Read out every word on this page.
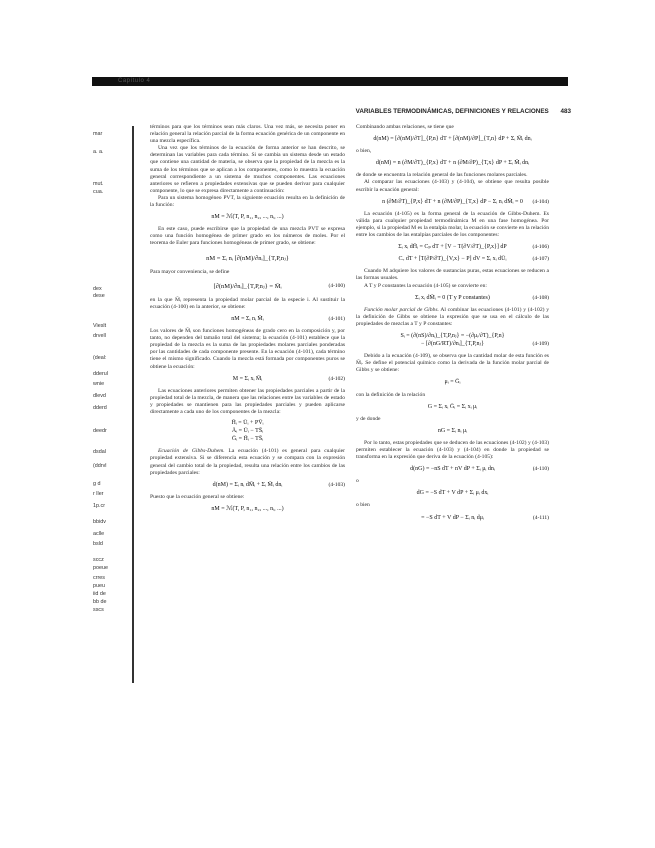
Capítulo 4
VARIABLES TERMODINÁMICAS, DEFINICIONES Y RELACIONES 483
mar
a. a.
mut.
cua.
dex
dese
Vieslt
drvell
(deal:
dderul
wnie
dlevd
dderd
deedr
dsdal
(ddrvl
g d
r ller
1p.cr
bbidv
aclle
bsld
sccz
poeue
crres
pueu
iid de
bb de
sscs

términos para que los términos sean más claros. Una vez más, se necesita poner en relación general la relación parcial de la forma ecuación genérica de un componente en una mezcla específica.

Una vez que los términos de la ecuación de forma anterior se han descrito, se determinan las variables para cada término. Si se cambia un sistema desde un estado que contiene una cantidad de materia, se observa que la propiedad de la mezcla es la suma de los términos que se aplican a los componentes, como lo muestra la ecuación general correspondiente a un sistema de muchos componentes. Las ecuaciones anteriores se refieren a propiedades extensivas que se pueden derivar para cualquier componente, lo que se expresa directamente a continuación:

Para un sistema homogéneo PVT, la siguiente ecuación resulta en la definición de la función:

nM = ℳ(T, P, n₁, n₂, ..., nᵢ, ...)

En este caso, puede escribirse que la propiedad de una mezcla PVT se expresa como una función homogénea de primer grado en los números de moles. Por el teorema de Euler para funciones homogéneas de primer grado, se obtiene:

nM = Σᵢ nᵢ [∂(nM)/∂nᵢ]_{T,P,nⱼ}

Para mayor conveniencia, se define

[∂(nM)/∂nᵢ]_{T,P,nⱼ} = M̄ᵢ	(4-100)

en la que M̄ᵢ representa la propiedad molar parcial de la especie i. Al sustituir la ecuación (4-100) en la anterior, se obtiene:

nM = Σᵢ nᵢ M̄ᵢ	(4-101)

Los valores de M̄ᵢ son funciones homogéneas de grado cero en la composición y, por tanto, no dependen del tamaño total del sistema; la ecuación (4-101) establece que la propiedad de la mezcla es la suma de las propiedades molares parciales ponderadas por las cantidades de cada componente presente. En la ecuación (4-101), cada término tiene el mismo significado. Cuando la mezcla está formada por componentes puros se obtiene la ecuación:

M = Σᵢ xᵢ M̄ᵢ	(4-102)

Las ecuaciones anteriores permiten obtener las propiedades parciales a partir de la propiedad total de la mezcla, de manera que las relaciones entre las variables de estado y propiedades se mantienen para las propiedades parciales y pueden aplicarse directamente a cada uno de los componentes de la mezcla:

H̄ᵢ = Ūᵢ + PV̄ᵢ
Āᵢ = Ūᵢ − TS̄ᵢ
Ḡᵢ = H̄ᵢ − TS̄ᵢ

Ecuación de Gibbs-Duhem. La ecuación (4-101) es general para cualquier propiedad extensiva. Si se diferencia esta ecuación y se compara con la expresión general del cambio total de la propiedad, resulta una relación entre los cambios de las propiedades parciales:

d(nM) = Σᵢ nᵢ dM̄ᵢ + Σᵢ M̄ᵢ dnᵢ	(4-103)

Puesto que la ecuación general se obtiene:

nM = ℳ(T, P, n₁, n₂, ..., nᵢ, ...)

Combinando ambas relaciones, se tiene que

d(nM) = [∂(nM)/∂T]_{P,n} dT + [∂(nM)/∂P]_{T,n} dP + Σᵢ M̄ᵢ dnᵢ

o bien,

d(nM) = n (∂M/∂T)_{P,x} dT + n (∂M/∂P)_{T,x} dP + Σᵢ M̄ᵢ dnᵢ

de donde se encuentra la relación general de las funciones molares parciales.

Al comparar las ecuaciones (4-103) y (4-104), se obtiene que resulta posible escribir la ecuación general:

n (∂M/∂T)_{P,x} dT + n (∂M/∂P)_{T,x} dP − Σᵢ nᵢ dM̄ᵢ = 0 (4-104)

La ecuación (4-105) es la forma general de la ecuación de Gibbs-Duhem. Es válida para cualquier propiedad termodinámica M en una fase homogénea. Por ejemplo, si la propiedad M es la entalpía molar, la ecuación se convierte en la relación entre los cambios de las entalpías parciales de los componentes:

Σᵢ xᵢ dH̄ᵢ = Cₚ dT + [V − T(∂V/∂T)_{P,x}] dP	(4-106)
Cᵥ dT + [T(∂P/∂T)_{V,x} − P] dV = Σᵢ xᵢ dŪᵢ	(4-107)

Cuando M adquiere los valores de sustancias puras, estas ecuaciones se reducen a las formas usuales.

A T y P constantes la ecuación (4-105) se convierte en:

Σᵢ xᵢ dM̄ᵢ = 0 (T y P constantes)	(4-108)

Función molar parcial de Gibbs. Al combinar las ecuaciones (4-101) y (4-102) y la definición de Gibbs se obtiene la expresión que se usa en el cálculo de las propiedades de mezclas a T y P constantes:

Sᵢ = (∂(nS)/∂nᵢ)_{T,P,nⱼ} = −(∂μᵢ/∂T)_{P,n}
− [∂(nG/RT)/∂nᵢ]_{T,P,nⱼ}	(4-109)

Debido a la ecuación (4-109), se observa que la cantidad molar de esta función es M̄ᵢ. Se define el potencial químico como la derivada de la función molar parcial de Gibbs y se obtiene:

μᵢ = Ḡᵢ

con la definición de la relación

G = Σᵢ xᵢ Ḡᵢ = Σᵢ xᵢ μᵢ

y de donde

nG = Σᵢ nᵢ μᵢ

Por lo tanto, estas propiedades que se deducen de las ecuaciones (4-102) y (4-103) permiten establecer la ecuación (4-103) y (4-104) en donde la propiedad se transforma en la expresión que deriva de la ecuación (4-105):

d(nG) = −nS dT + nV dP + Σᵢ μᵢ dnᵢ	(4-110)

o

dG = −S dT + V dP + Σᵢ μᵢ dxᵢ

o bien

= −S dT + V dP − Σᵢ nᵢ dμᵢ	(4-111)
